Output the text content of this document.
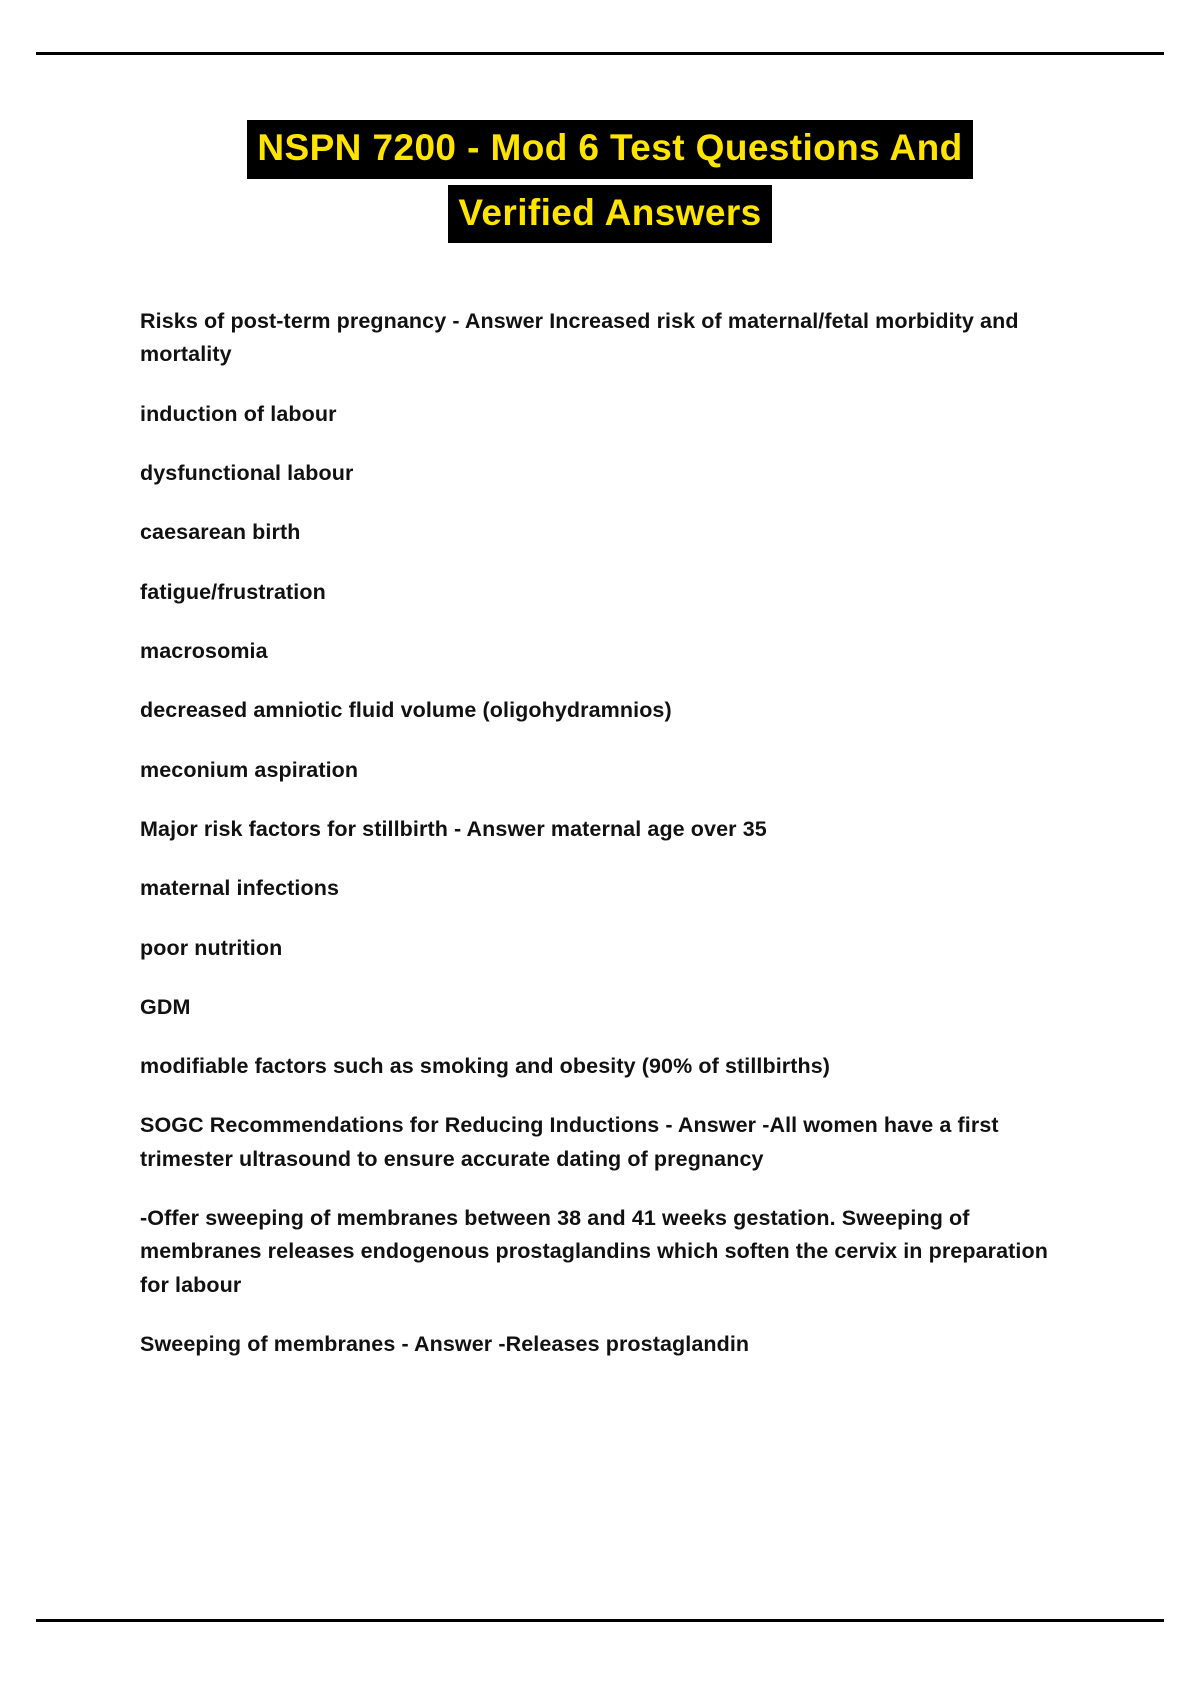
NSPN 7200 - Mod 6 Test Questions And Verified Answers

Risks of post-term pregnancy - Answer Increased risk of maternal/fetal morbidity and mortality

induction of labour

dysfunctional labour

caesarean birth

fatigue/frustration

macrosomia

decreased amniotic fluid volume (oligohydramnios)

meconium aspiration

Major risk factors for stillbirth - Answer maternal age over 35

maternal infections

poor nutrition

GDM

modifiable factors such as smoking and obesity (90% of stillbirths)

SOGC Recommendations for Reducing Inductions - Answer -All women have a first trimester ultrasound to ensure accurate dating of pregnancy

-Offer sweeping of membranes between 38 and 41 weeks gestation. Sweeping of membranes releases endogenous prostaglandins which soften the cervix in preparation for labour

Sweeping of membranes - Answer -Releases prostaglandin
